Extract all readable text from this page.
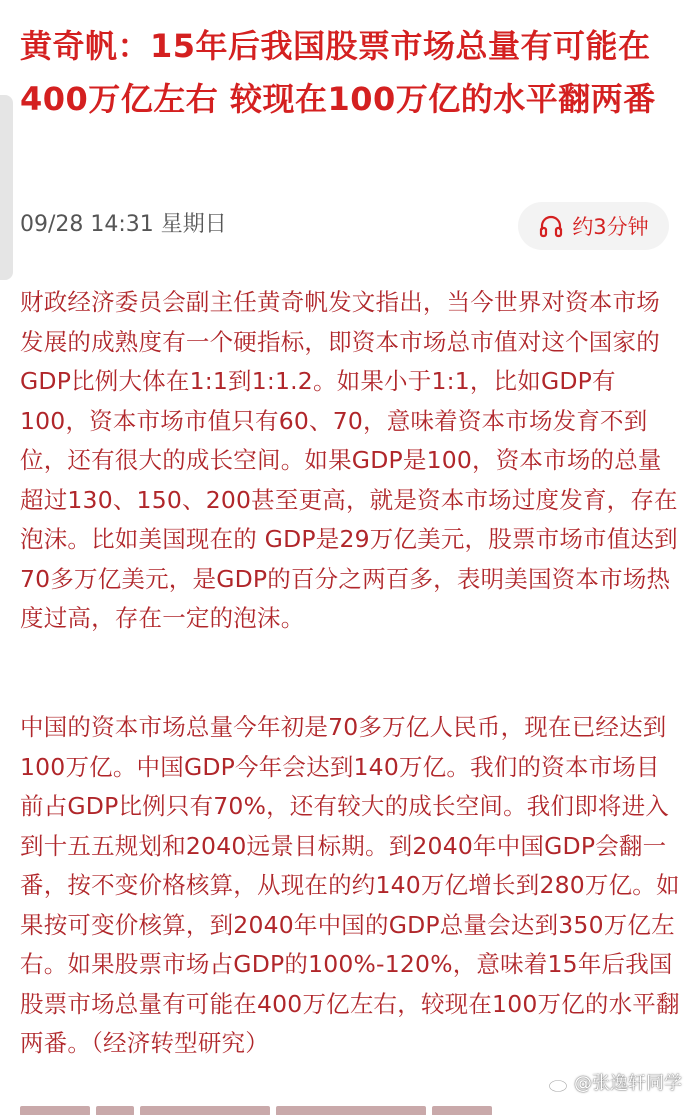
黄奇帆：15年后我国股票市场总量有可能在400万亿左右 较现在100万亿的水平翻两番
09/28 14:31 星期日	约3分钟

财政经济委员会副主任黄奇帆发文指出，当今世界对资本市场发展的成熟度有一个硬指标，即资本市场总市值对这个国家的GDP比例大体在1:1到1:1.2。如果小于1:1，比如GDP有100，资本市场市值只有60、70，意味着资本市场发育不到位，还有很大的成长空间。如果GDP是100，资本市场的总量超过130、150、200甚至更高，就是资本市场过度发育，存在泡沫。比如美国现在的 GDP是29万亿美元，股票市场市值达到70多万亿美元，是GDP的百分之两百多，表明美国资本市场热度过高，存在一定的泡沫。

中国的资本市场总量今年初是70多万亿人民币，现在已经达到100万亿。中国GDP今年会达到140万亿。我们的资本市场目前占GDP比例只有70%，还有较大的成长空间。我们即将进入到十五五规划和2040远景目标期。到2040年中国GDP会翻一番，按不变价格核算，从现在的约140万亿增长到280万亿。如果按可变价核算，到2040年中国的GDP总量会达到350万亿左右。如果股票市场占GDP的100%-120%，意味着15年后我国股票市场总量有可能在400万亿左右，较现在100万亿的水平翻两番。（经济转型研究）

@张逸轩同学
